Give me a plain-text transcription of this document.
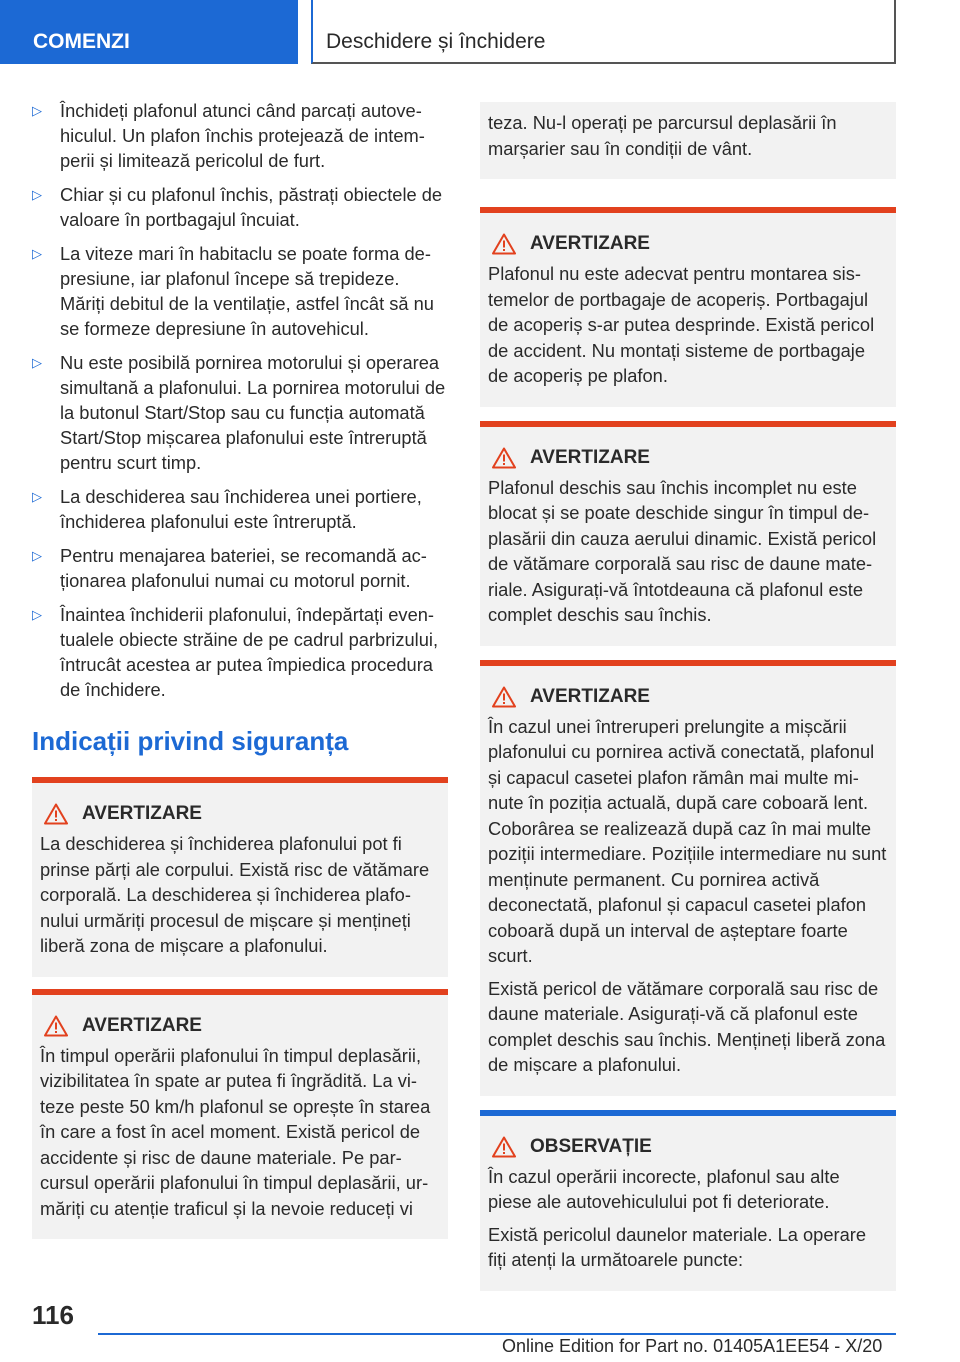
COMENZI	Deschidere și închidere
▷ Închideți plafonul atunci când parcați autovehiculul. Un plafon închis protejează de intemperii și limitează pericolul de furt.
▷ Chiar și cu plafonul închis, păstrați obiectele de valoare în portbagajul încuiat.
▷ La viteze mari în habitaclu se poate forma depresiune, iar plafonul începe să trepideze. Măriți debitul de la ventilație, astfel încât să nu se formeze depresiune în autovehicul.
▷ Nu este posibilă pornirea motorului și operarea simultană a plafonului. La pornirea motorului de la butonul Start/Stop sau cu funcția automată Start/Stop mișcarea plafonului este întreruptă pentru scurt timp.
▷ La deschiderea sau închiderea unei portiere, închiderea plafonului este întreruptă.
▷ Pentru menajarea bateriei, se recomandă acționarea plafonului numai cu motorul pornit.
▷ Înaintea închiderii plafonului, îndepărtați eventualele obiecte străine de pe cadrul parbrizului, întrucât acestea ar putea împiedica procedura de închidere.
Indicații privind siguranța
AVERTIZARE

La deschiderea și închiderea plafonului pot fi prinse părți ale corpului. Există risc de vătămare corporală. La deschiderea și închiderea plafonului urmăriți procesul de mișcare și mențineți liberă zona de mișcare a plafonului.

AVERTIZARE

În timpul operării plafonului în timpul deplasării, vizibilitatea în spate ar putea fi îngrădită. La viteze peste 50 km/h plafonul se oprește în starea în care a fost în acel moment. Există pericol de accidente și risc de daune materiale. Pe parcursul operării plafonului în timpul deplasării, urmăriți cu atenție traficul și la nevoie reduceți vi

teza. Nu-l operați pe parcursul deplasării în marșarier sau în condiții de vânt.

AVERTIZARE

Plafonul nu este adecvat pentru montarea sistemelor de portbagaje de acoperiș. Portbagajul de acoperiș s-ar putea desprinde. Există pericol de accident. Nu montați sisteme de portbagaje de acoperiș pe plafon.

AVERTIZARE

Plafonul deschis sau închis incomplet nu este blocat și se poate deschide singur în timpul deplasării din cauza aerului dinamic. Există pericol de vătămare corporală sau risc de daune materiale. Asigurați-vă întotdeauna că plafonul este complet deschis sau închis.

AVERTIZARE

În cazul unei întreruperi prelungite a mișcării plafonului cu pornirea activă conectată, plafonul și capacul casetei plafon rămân mai multe minute în poziția actuală, după care coboară lent. Coborârea se realizează după caz în mai multe poziții intermediare. Pozițiile intermediare nu sunt menținute permanent. Cu pornirea activă deconectată, plafonul și capacul casetei plafon coboară după un interval de așteptare foarte scurt.

Există pericol de vătămare corporală sau risc de daune materiale. Asigurați-vă că plafonul este complet deschis sau închis. Mențineți liberă zona de mișcare a plafonului.

OBSERVAȚIE

În cazul operării incorecte, plafonul sau alte piese ale autovehiculului pot fi deteriorate.

Există pericolul daunelor materiale. La operare fiți atenți la următoarele puncte:

116
Online Edition for Part no. 01405A1EE54 - X/20
